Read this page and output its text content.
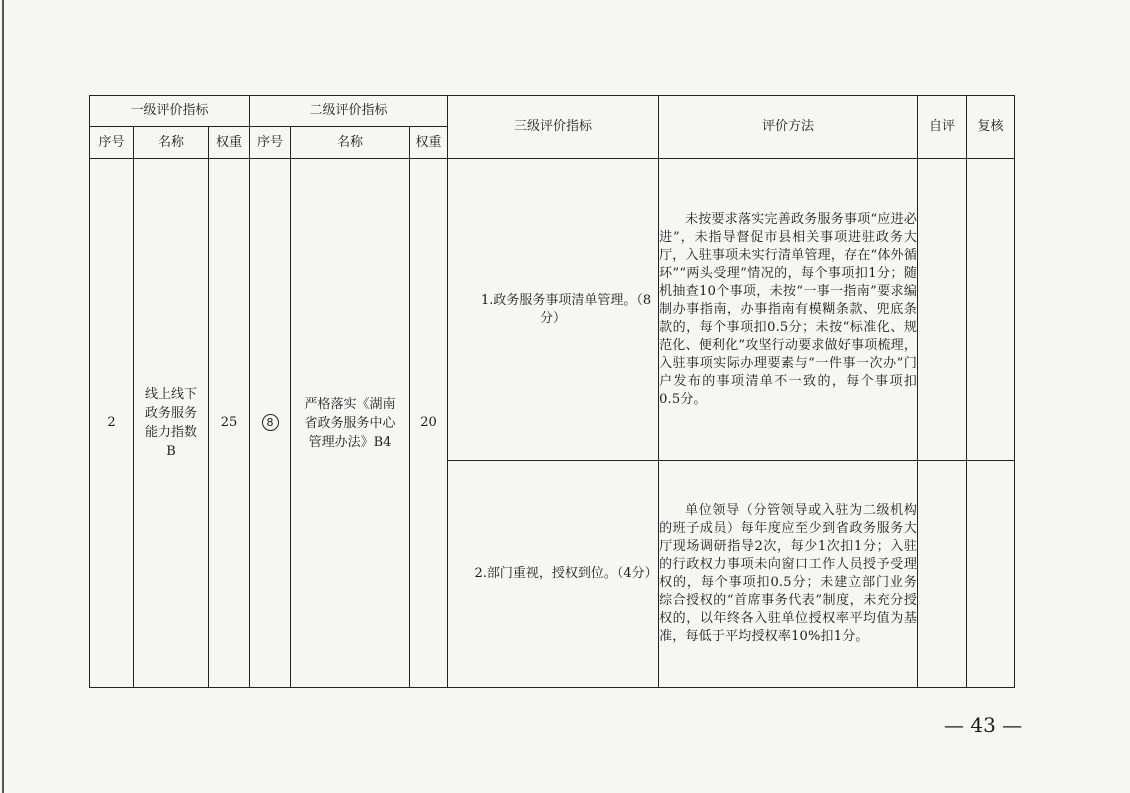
一级评价指标			二级评价指标			三级评价指标	评价方法	自评	复核
序号	名称	权重	序号	名称	权重				
2	线上线下政务服务能力指数B	25	8	严格落实《湖南省政务服务中心管理办法》B4	20	1.政务服务事项清单管理。（8分）	未按要求落实完善政务服务事项“应进必进”，未指导督促市县相关事项进驻政务大厅，入驻事项未实行清单管理，存在“体外循环”“两头受理”情况的，每个事项扣1分；随机抽查10个事项，未按“一事一指南”要求编制办事指南，办事指南有模糊条款、兜底条款的，每个事项扣0.5分；未按“标准化、规范化、便利化”攻坚行动要求做好事项梳理，入驻事项实际办理要素与“一件事一次办”门户发布的事项清单不一致的，每个事项扣0.5分。		

						2.部门重视，授权到位。（4分）	单位领导（分管领导或入驻为二级机构的班子成员）每年度应至少到省政务服务大厅现场调研指导2次，每少1次扣1分；入驻的行政权力事项未向窗口工作人员授予受理权的，每个事项扣0.5分；未建立部门业务综合授权的“首席事务代表”制度，未充分授权的，以年终各入驻单位授权率平均值为基准，每低于平均授权率10%扣1分。		

— 43 —
